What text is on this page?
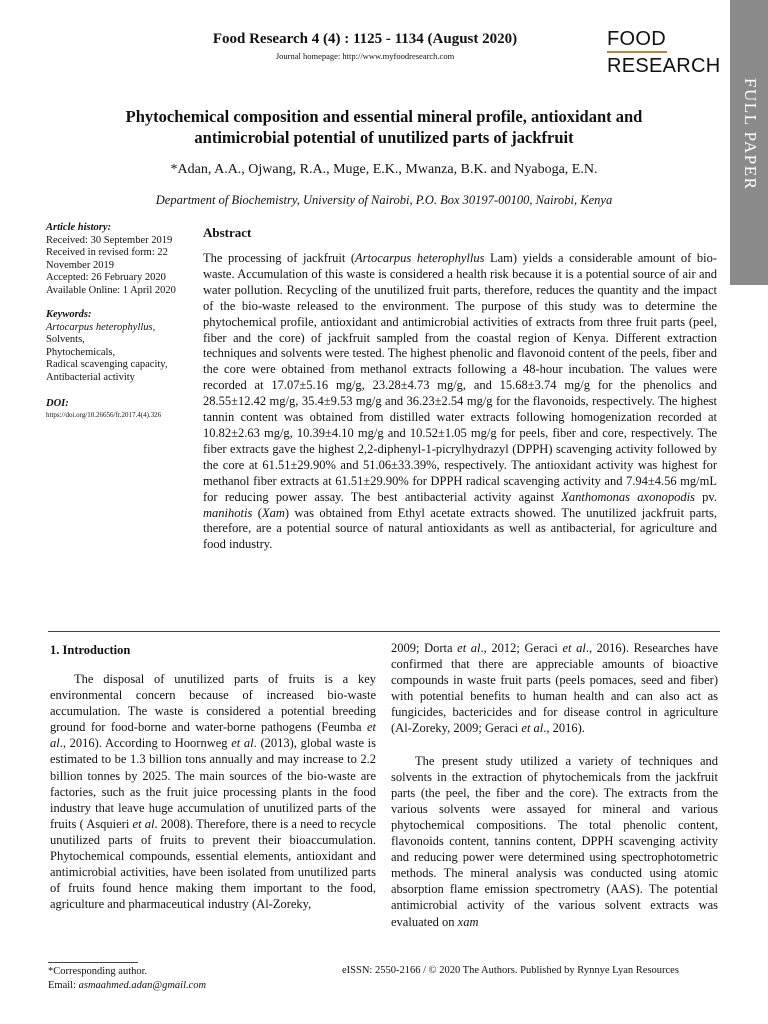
Food Research 4 (4) : 1125 - 1134 (August 2020)
Journal homepage: http://www.myfoodresearch.com
FOOD
RESEARCH
FULL PAPER
Phytochemical composition and essential mineral profile, antioxidant and
antimicrobial potential of unutilized parts of jackfruit
*Adan, A.A., Ojwang, R.A., Muge, E.K., Mwanza, B.K. and Nyaboga, E.N.
Department of Biochemistry, University of Nairobi, P.O. Box 30197-00100, Nairobi, Kenya
Article history:
Received: 30 September 2019
Received in revised form: 22 November 2019
Accepted: 26 February 2020
Available Online: 1 April 2020
Keywords:
Artocarpus heterophyllus,
Solvents,
Phytochemicals,
Radical scavenging capacity,
Antibacterial activity
DOI:
https://doi.org/10.26656/fr.2017.4(4).326
Abstract
The processing of jackfruit (Artocarpus heterophyllus Lam) yields a considerable amount of bio-waste. Accumulation of this waste is considered a health risk because it is a potential source of air and water pollution. Recycling of the unutilized fruit parts, therefore, reduces the quantity and the impact of the bio-waste released to the environment. The purpose of this study was to determine the phytochemical profile, antioxidant and antimicrobial activities of extracts from three fruit parts (peel, fiber and the core) of jackfruit sampled from the coastal region of Kenya. Different extraction techniques and solvents were tested. The highest phenolic and flavonoid content of the peels, fiber and the core were obtained from methanol extracts following a 48-hour incubation. The values were recorded at 17.07±5.16 mg/g, 23.28±4.73 mg/g, and 15.68±3.74 mg/g for the phenolics and 28.55±12.42 mg/g, 35.4±9.53 mg/g and 36.23±2.54 mg/g for the flavonoids, respectively. The highest tannin content was obtained from distilled water extracts following homogenization recorded at 10.82±2.63 mg/g, 10.39±4.10 mg/g and 10.52±1.05 mg/g for peels, fiber and core, respectively. The fiber extracts gave the highest 2,2-diphenyl-1-picrylhydrazyl (DPPH) scavenging activity followed by the core at 61.51±29.90% and 51.06±33.39%, respectively. The antioxidant activity was highest for methanol fiber extracts at 61.51±29.90% for DPPH radical scavenging activity and 7.94±4.56 mg/mL for reducing power assay. The best antibacterial activity against Xanthomonas axonopodis pv. manihotis (Xam) was obtained from Ethyl acetate extracts showed. The unutilized jackfruit parts, therefore, are a potential source of natural antioxidants as well as antibacterial, for agriculture and food industry.
1. Introduction

The disposal of unutilized parts of fruits is a key environmental concern because of increased bio-waste accumulation. The waste is considered a potential breeding ground for food-borne and water-borne pathogens (Feumba et al., 2016). According to Hoornweg et al. (2013), global waste is estimated to be 1.3 billion tons annually and may increase to 2.2 billion tonnes by 2025. The main sources of the bio-waste are factories, such as the fruit juice processing plants in the food industry that leave huge accumulation of unutilized parts of the fruits ( Asquieri et al. 2008). Therefore, there is a need to recycle unutilized parts of fruits to prevent their bioaccumulation. Phytochemical compounds, essential elements, antioxidant and antimicrobial activities, have been isolated from unutilized parts of fruits found hence making them important to the food, agriculture and pharmaceutical industry (Al-Zoreky,

2009; Dorta et al., 2012; Geraci et al., 2016). Researches have confirmed that there are appreciable amounts of bioactive compounds in waste fruit parts (peels pomaces, seed and fiber) with potential benefits to human health and can also act as fungicides, bactericides and for disease control in agriculture (Al-Zoreky, 2009; Geraci et al., 2016).

The present study utilized a variety of techniques and solvents in the extraction of phytochemicals from the jackfruit parts (the peel, the fiber and the core). The extracts from the various solvents were assayed for mineral and various phytochemical compositions. The total phenolic content, flavonoids content, tannins content, DPPH scavenging activity and reducing power were determined using spectrophotometric methods. The mineral analysis was conducted using atomic absorption flame emission spectrometry (AAS). The potential antimicrobial activity of the various solvent extracts was evaluated on xam

*Corresponding author.
Email: asmaahmed.adan@gmail.com
eISSN: 2550-2166 / © 2020 The Authors. Published by Rynnye Lyan Resources
